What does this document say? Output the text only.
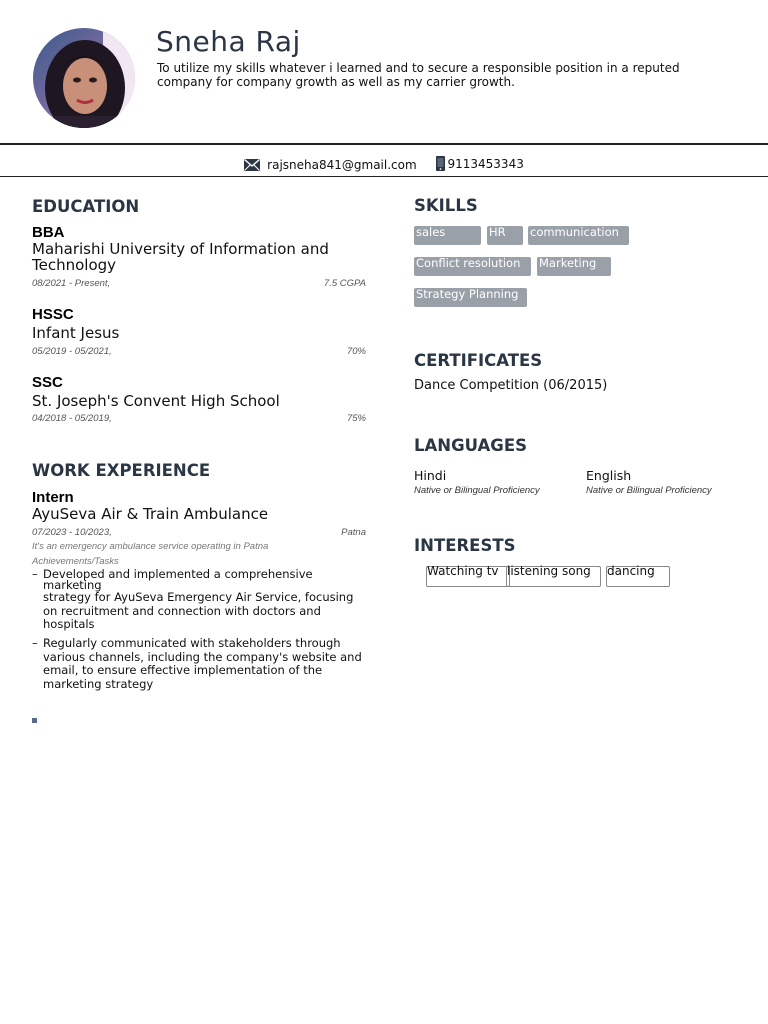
Sneha Raj
To utilize my skills whatever i learned and to secure a responsible position in a reputed company for company growth as well as my carrier growth.
rajsneha841@gmail.com
	9113453343
EDUCATION
BBA
Maharishi University of Information and Technology
08/2021 - Present,	7.5 CGPA
HSSC
Infant Jesus
05/2019 - 05/2021,	70%
SSC
St. Joseph's Convent High School
04/2018 - 05/2019,	75%
WORK EXPERIENCE
Intern
AyuSeva Air & Train Ambulance
07/2023 - 10/2023,	Patna
It's an emergency ambulance service operating in Patna
Achievements/Tasks
– Developed and implemented a comprehensive
marketing
strategy for AyuSeva Emergency Air Service, focusing on recruitment and connection with doctors and hospitals
– Regularly communicated with stakeholders through various channels, including the company's website and email, to ensure effective implementation of the marketing strategy
SKILLS
sales	HR	communication
Conflict resolution	Marketing
Strategy Planning
CERTIFICATES
Dance Competition (06/2015)
LANGUAGES
Hindi
Native or Bilingual Proficiency
English
Native or Bilingual Proficiency
INTERESTS
Watching tv listening song	dancing
